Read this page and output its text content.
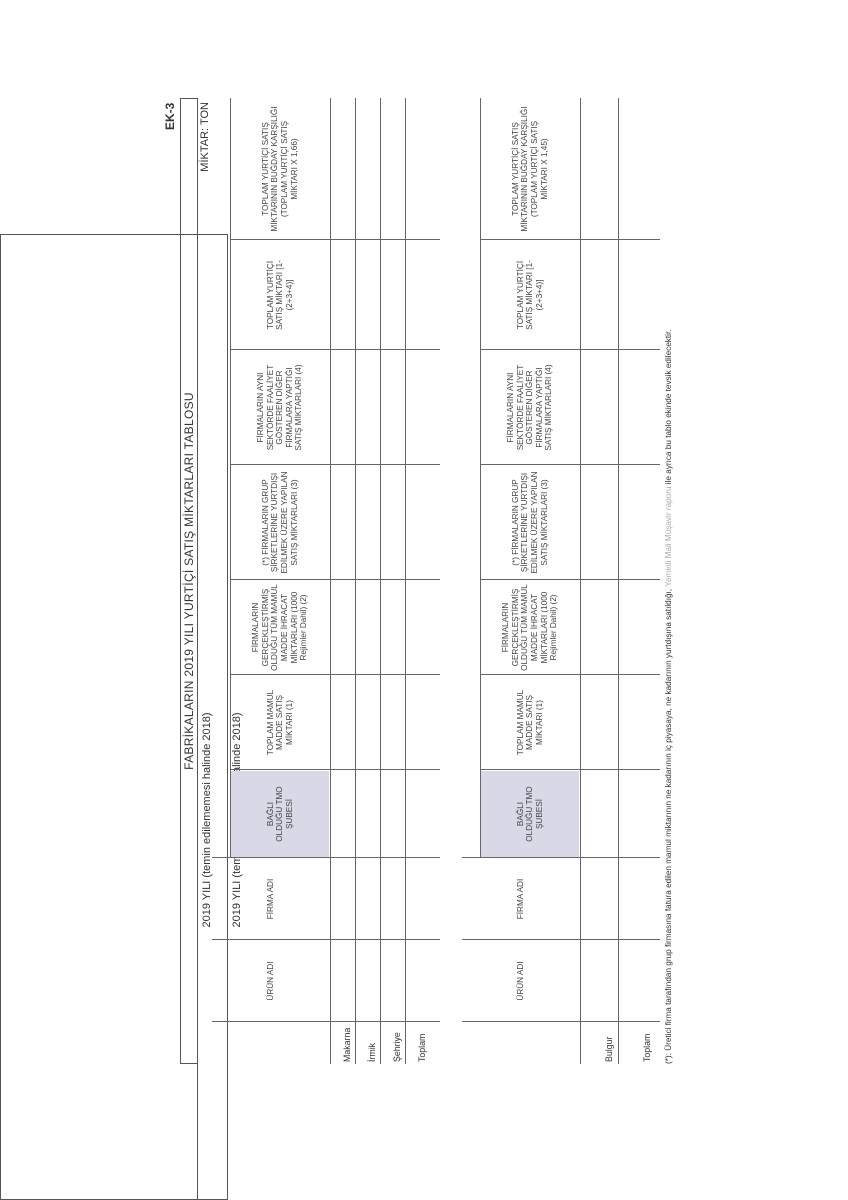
EK-3
FABRİKALARIN 2019 YILI YURTİÇİ SATIŞ MİKTARLARI TABLOSU
MİKTAR: TON
ÜRÜN ADI
FİRMA ADI
BAĞLI OLDUĞU TMO ŞUBESİ
TOPLAM MAMUL MADDE SATIŞ MİKTARI (1)
FİRMALARIN GERÇEKLEŞTİRMİŞ OLDUĞU TÜM MAMUL MADDE İHRACAT MİKTARLARI (1000 Rejimler Dahil) (2)
(*) FİRMALARIN GRUP ŞİRKETLERİNE YURTDIŞI EDİLMEK ÜZERE YAPILAN SATIŞ MİKTARLARI (3)
FİRMALARIN AYNI SEKTÖRDE FAALİYET GÖSTEREN DİĞER FİRMALARA YAPTIĞI SATIŞ MİKTARLARI (4)
TOPLAM YURTİÇİ SATIŞ MİKTARI [1-(2+3+4)]
TOPLAM YURTİÇİ SATIŞ MİKTARININ BUĞDAY KARŞILIĞI (TOPLAM YURTİÇİ SATIŞ MİKTARI X 1,66)
Makarna İrmik Şehriye Toplam
2019 YILI (temin edilememesi halinde 2018)
ÜRÜN ADI
FİRMA ADI
BAĞLI OLDUĞU TMO ŞUBESİ
TOPLAM MAMUL MADDE SATIŞ MİKTARI (1)
FİRMALARIN GERÇEKLEŞTİRMİŞ OLDUĞU TÜM MAMUL MADDE İHRACAT MİKTARLARI (1000 Rejimler Dahil) (2)
(*) FİRMALARIN GRUP ŞİRKETLERİNE YURTDIŞI EDİLMEK ÜZERE YAPILAN SATIŞ MİKTARLARI (3)
FİRMALARIN AYNI SEKTÖRDE FAALİYET GÖSTEREN DİĞER FİRMALARA YAPTIĞI SATIŞ MİKTARLARI (4)
TOPLAM YURTİÇİ SATIŞ MİKTARI [1-(2+3+4)]
TOPLAM YURTİÇİ SATIŞ MİKTARININ BUĞDAY KARŞILIĞI (TOPLAM YURTİÇİ SATIŞ MİKTARI X 1,45)
Bulgur	Toplam (*): Üretici firma tarafından grup firmasına fatura edilen mamul miktarının ne kadarının iç piyasaya, ne kadarının yurtdışına satıldığı, Yeminli Mali Müşavir raporu ile ayrıca bu tablo ekinde tevsik edilecektir.
